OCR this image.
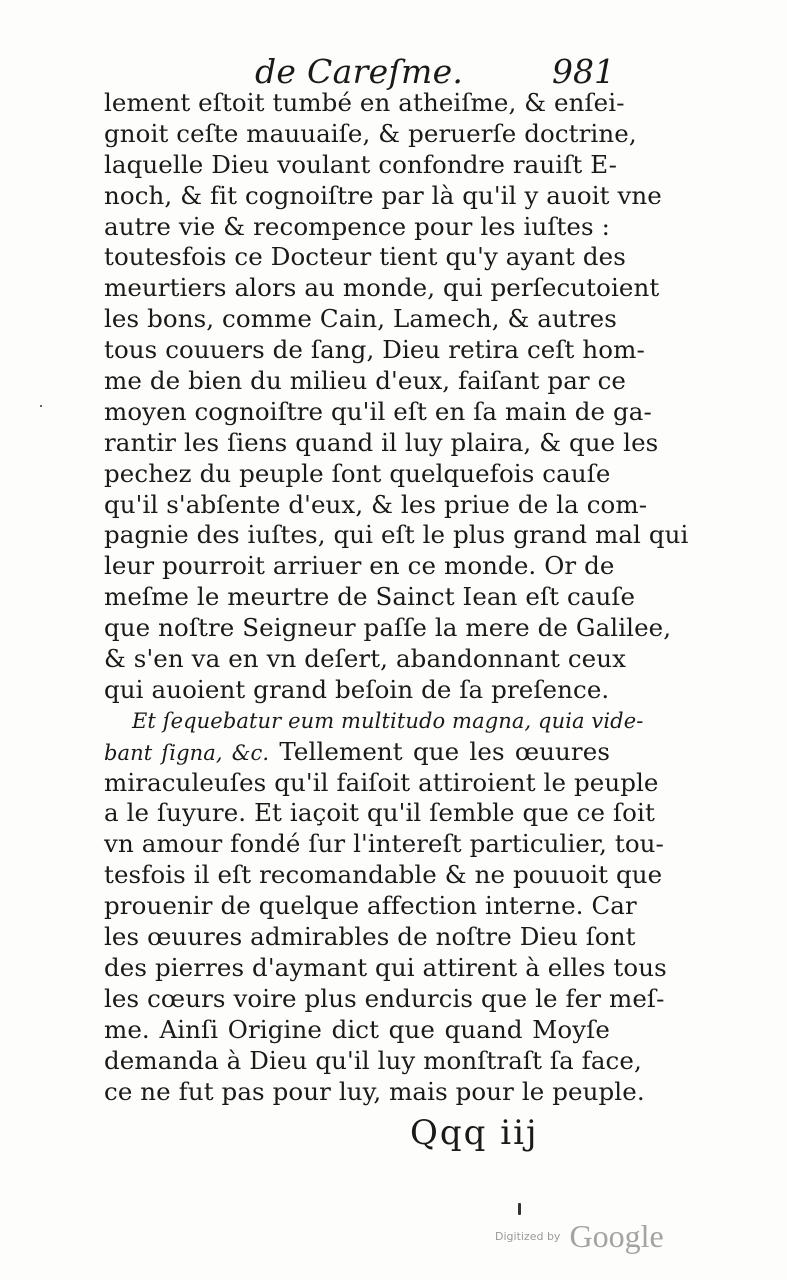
de Careſme.	981
lement eſtoit tumbé en atheiſme, & enſei-
gnoit ceſte mauuaiſe, & peruerſe doctrine,
laquelle Dieu voulant confondre rauiſt E-
noch, & fit cognoiſtre par là qu'il y auoit vne
autre vie & recompence pour les iuſtes :
toutesfois ce Docteur tient qu'y ayant des
meurtiers alors au monde, qui perſecutoient
les bons, comme Cain, Lamech, & autres
tous couuers de ſang, Dieu retira ceſt hom-
me de bien du milieu d'eux, faiſant par ce
moyen cognoiſtre qu'il eſt en ſa main de ga-
rantir les ſiens quand il luy plaira, & que les
pechez du peuple ſont quelquefois cauſe
qu'il s'abſente d'eux, & les priue de la com-
pagnie des iuſtes, qui eſt le plus grand mal qui
leur pourroit arriuer en ce monde. Or de
meſme le meurtre de Sainct Iean eſt cauſe
que noſtre Seigneur paſſe la mere de Galilee,
& s'en va en vn deſert, abandonnant ceux
qui auoient grand beſoin de ſa preſence.
Et ſequebatur eum multitudo magna, quia vide-
bant ſigna, &c. Tellement que les œuures
miraculeuſes qu'il faiſoit attiroient le peuple
a le ſuyure. Et iaçoit qu'il ſemble que ce ſoit
vn amour fondé ſur l'intereſt particulier, tou-
tesfois il eſt recomandable & ne pouuoit que
prouenir de quelque affection interne. Car
les œuures admirables de noſtre Dieu ſont
des pierres d'aymant qui attirent à elles tous
les cœurs voire plus endurcis que le fer meſ-
me. Ainſi Origine dict que quand Moyſe
demanda à Dieu qu'il luy monſtraſt ſa face,
ce ne fut pas pour luy, mais pour le peuple.
Qqq iij
Digitized by Google
